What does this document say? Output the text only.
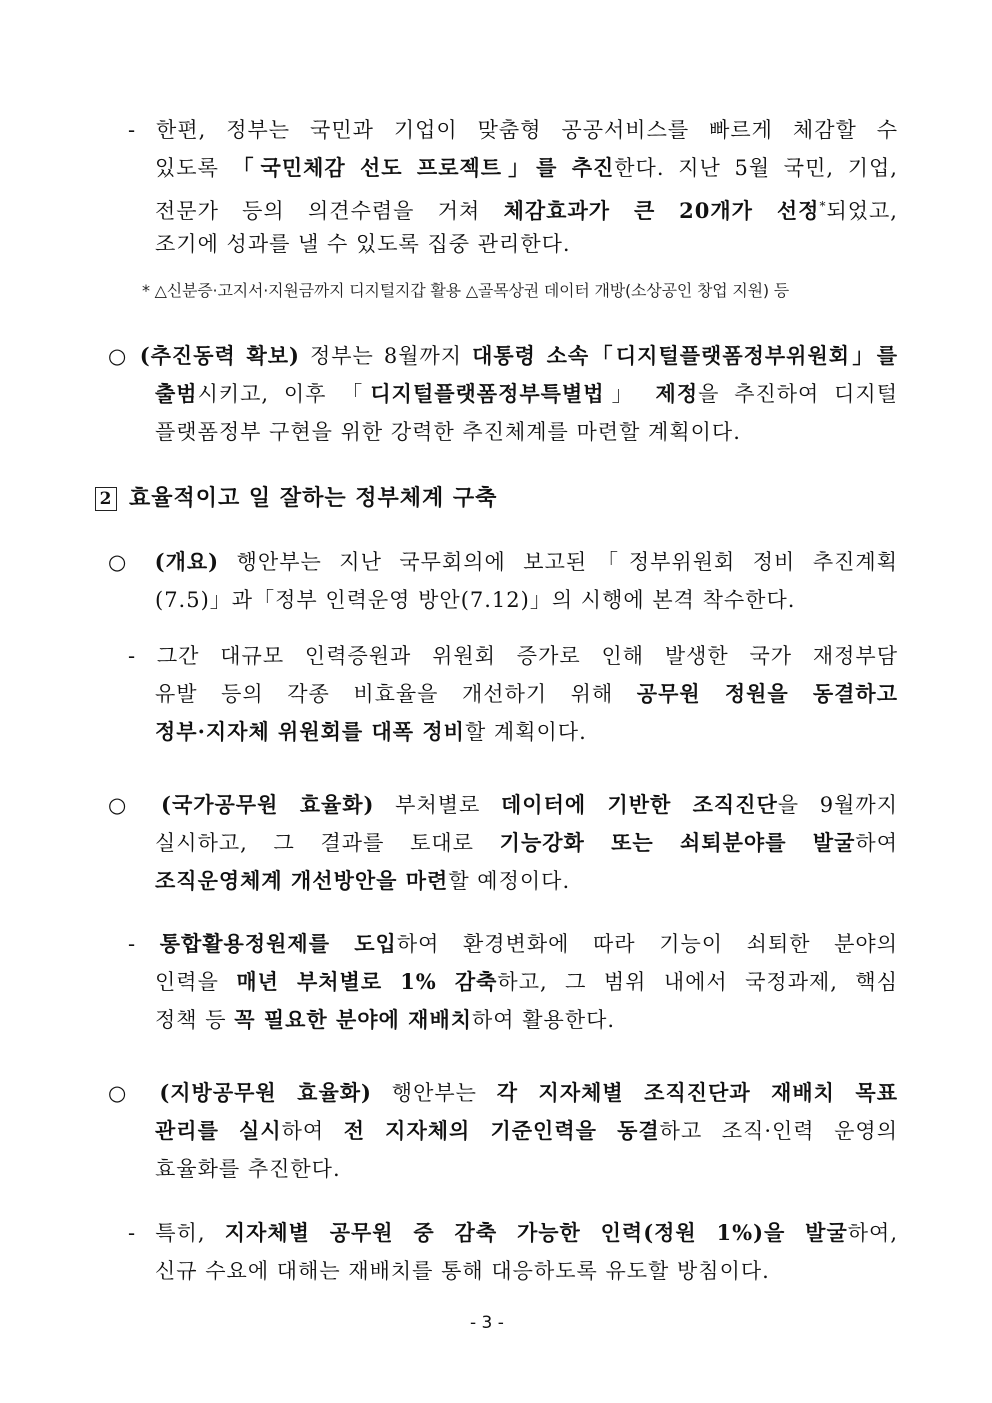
- 한편, 정부는 국민과 기업이 맞춤형 공공서비스를 빠르게 체감할 수
있도록 「국민체감 선도 프로젝트」를 추진한다. 지난 5월 국민, 기업,
전문가 등의 의견수렴을 거쳐 체감효과가 큰 20개가 선정*되었고,
조기에 성과를 낼 수 있도록 집중 관리한다.
* △신분증·고지서·지원금까지 디지털지갑 활용 △골목상권 데이터 개방(소상공인 창업 지원) 등
○ (추진동력 확보) 정부는 8월까지 대통령 소속「디지털플랫폼정부위원회」를
출범시키고, 이후 「디지털플랫폼정부특별법」 제정을 추진하여 디지털
플랫폼정부 구현을 위한 강력한 추진체계를 마련할 계획이다.
2 효율적이고 일 잘하는 정부체계 구축
○ (개요) 행안부는 지난 국무회의에 보고된「정부위원회 정비 추진계획
(7.5)」과「정부 인력운영 방안(7.12)」의 시행에 본격 착수한다.
- 그간 대규모 인력증원과 위원회 증가로 인해 발생한 국가 재정부담
유발 등의 각종 비효율을 개선하기 위해 공무원 정원을 동결하고
정부·지자체 위원회를 대폭 정비할 계획이다.
○ (국가공무원 효율화) 부처별로 데이터에 기반한 조직진단을 9월까지
실시하고, 그 결과를 토대로 기능강화 또는 쇠퇴분야를 발굴하여
조직운영체계 개선방안을 마련할 예정이다.
- 통합활용정원제를 도입하여 환경변화에 따라 기능이 쇠퇴한 분야의
인력을 매년 부처별로 1% 감축하고, 그 범위 내에서 국정과제, 핵심
정책 등 꼭 필요한 분야에 재배치하여 활용한다.
○ (지방공무원 효율화) 행안부는 각 지자체별 조직진단과 재배치 목표
관리를 실시하여 전 지자체의 기준인력을 동결하고 조직·인력 운영의
효율화를 추진한다.
- 특히, 지자체별 공무원 중 감축 가능한 인력(정원 1%)을 발굴하여,
신규 수요에 대해는 재배치를 통해 대응하도록 유도할 방침이다.
- 3 -
